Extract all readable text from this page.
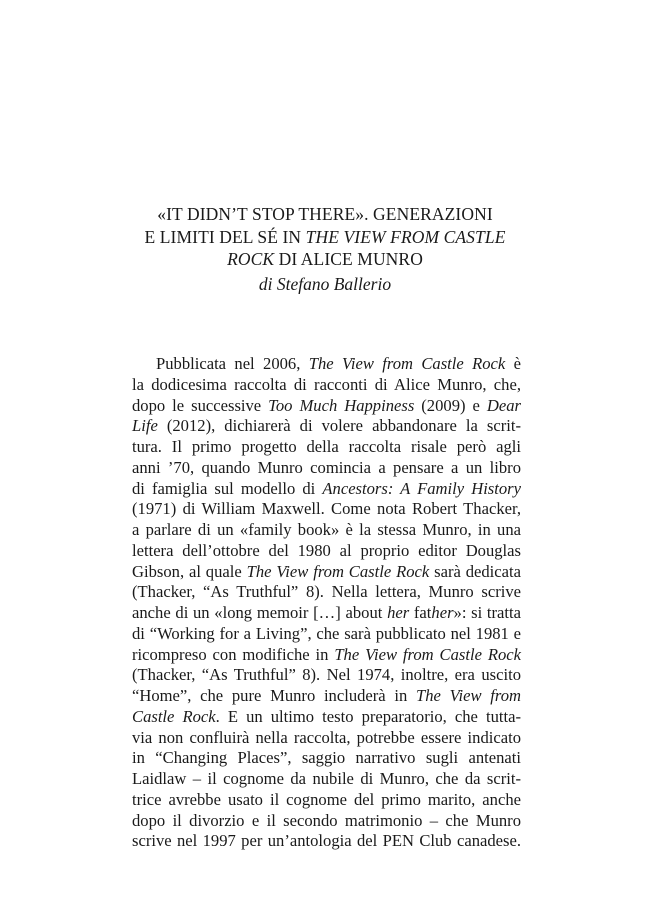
«IT DIDN’T STOP THERE». GENERAZIONI
E LIMITI DEL SÉ IN THE VIEW FROM CASTLE
ROCK DI ALICE MUNRO
di Stefano Ballerio
Pubblicata nel 2006, The View from Castle Rock è
la dodicesima raccolta di racconti di Alice Munro, che,
dopo le successive Too Much Happiness (2009) e Dear
Life (2012), dichiarerà di volere abbandonare la scrit-
tura. Il primo progetto della raccolta risale però agli
anni ’70, quando Munro comincia a pensare a un libro
di famiglia sul modello di Ancestors: A Family History
(1971) di William Maxwell. Come nota Robert Thacker,
a parlare di un «family book» è la stessa Munro, in una
lettera dell’ottobre del 1980 al proprio editor Douglas
Gibson, al quale The View from Castle Rock sarà dedicata
(Thacker, “As Truthful” 8). Nella lettera, Munro scrive
anche di un «long memoir […] about her father»: si tratta
di “Working for a Living”, che sarà pubblicato nel 1981 e
ricompreso con modifiche in The View from Castle Rock
(Thacker, “As Truthful” 8). Nel 1974, inoltre, era uscito
“Home”, che pure Munro includerà in The View from
Castle Rock. E un ultimo testo preparatorio, che tutta-
via non confluirà nella raccolta, potrebbe essere indicato
in “Changing Places”, saggio narrativo sugli antenati
Laidlaw – il cognome da nubile di Munro, che da scrit-
trice avrebbe usato il cognome del primo marito, anche
dopo il divorzio e il secondo matrimonio – che Munro
scrive nel 1997 per un’antologia del PEN Club canadese.
